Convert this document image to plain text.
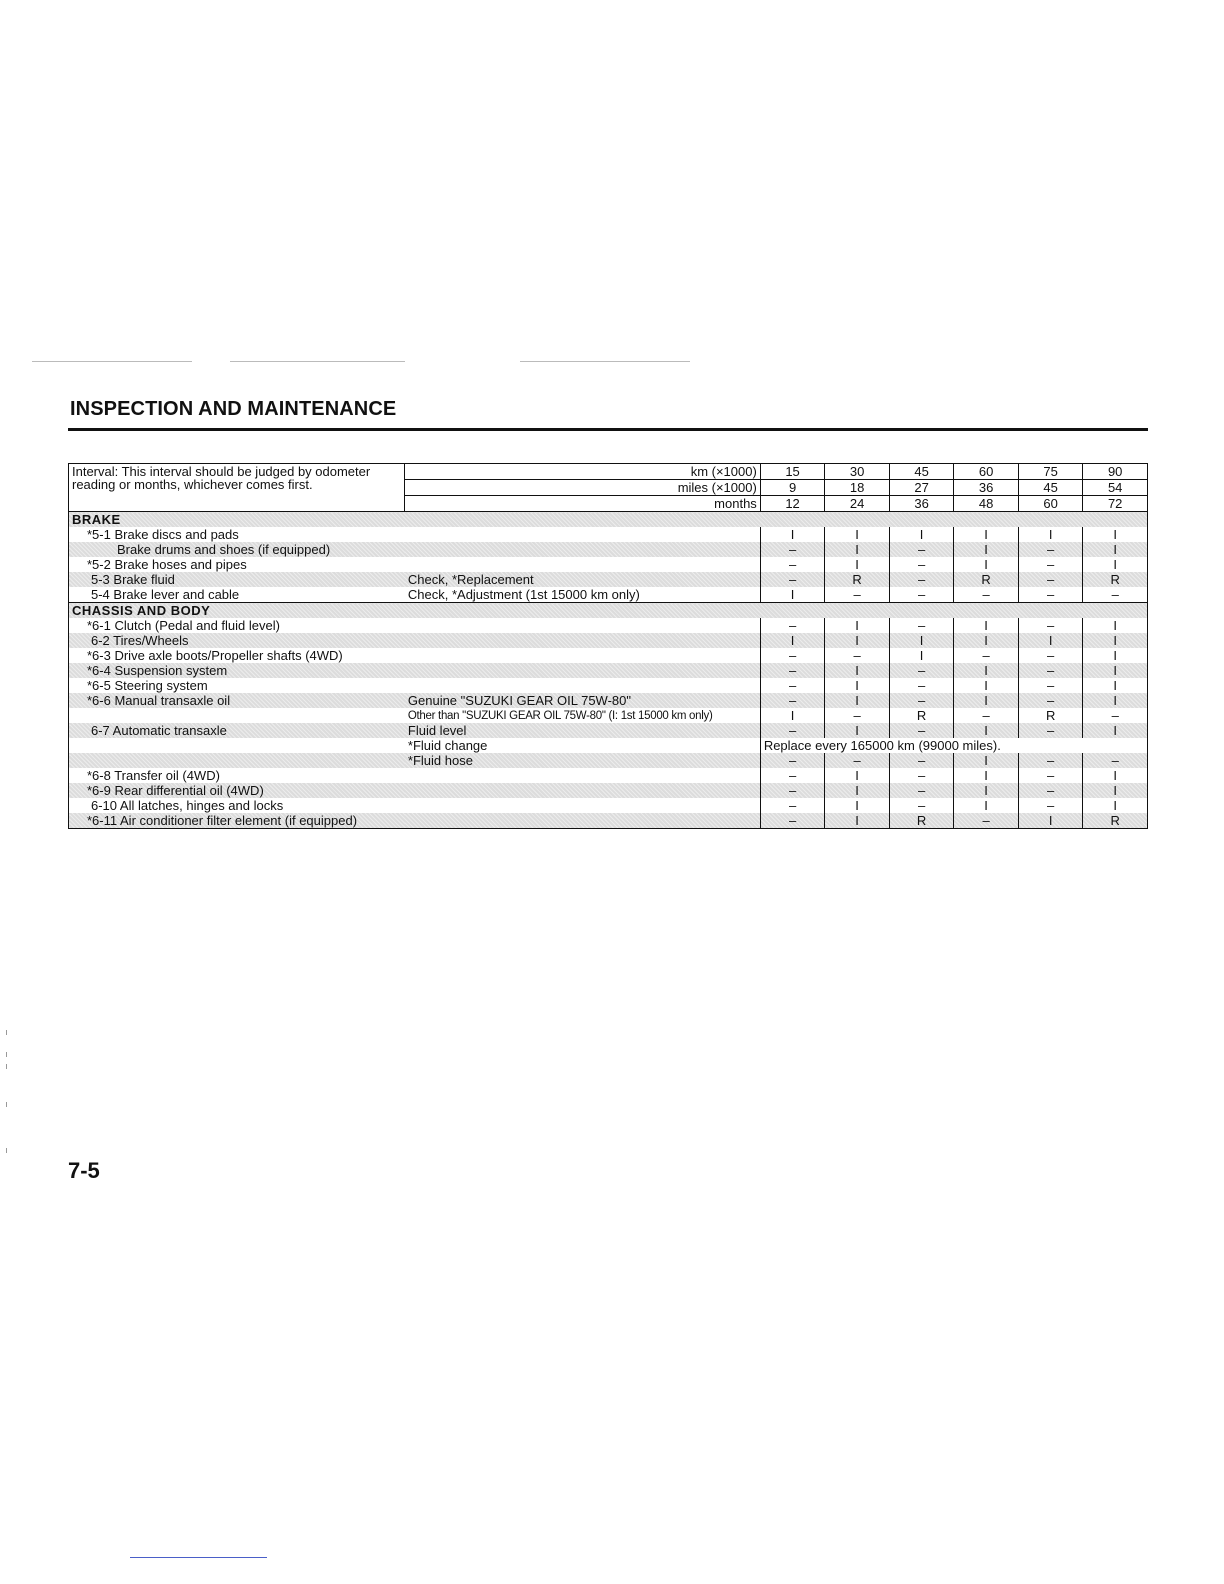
INSPECTION AND MAINTENANCE
Interval: This interval should be judged by odometer reading or months, whichever comes first.	km (×1000)	15	30	45	60	75	90
	miles (×1000)	9	18	27	36	45	54
	months	12	24	36	48	60	72
BRAKE							
*5-1 Brake discs and pads		I	I	I	I	I	I
Brake drums and shoes (if equipped)		–	I	–	I	–	I
*5-2 Brake hoses and pipes		–	I	–	I	–	I
5-3 Brake fluid	Check, *Replacement	–	R	–	R	–	R
5-4 Brake lever and cable	Check, *Adjustment (1st 15000 km only)	I	–	–	–	–	–
CHASSIS AND BODY							
*6-1 Clutch (Pedal and fluid level)		–	I	–	I	–	I
6-2 Tires/Wheels		I	I	I	I	I	I
*6-3 Drive axle boots/Propeller shafts (4WD)		–	–	I	–	–	I
*6-4 Suspension system		–	I	–	I	–	I
*6-5 Steering system		–	I	–	I	–	I
*6-6 Manual transaxle oil	Genuine "SUZUKI GEAR OIL 75W-80"	–	I	–	I	–	I
	Other than "SUZUKI GEAR OIL 75W-80" (I: 1st 15000 km only)	I	–	R	–	R	–
6-7 Automatic transaxle	Fluid level	–	I	–	I	–	I
	*Fluid change	Replace every 165000 km (99000 miles).					
	*Fluid hose	–	–	–	I	–	–
*6-8 Transfer oil (4WD)		–	I	–	I	–	I
*6-9 Rear differential oil (4WD)		–	I	–	I	–	I
6-10 All latches, hinges and locks		–	I	–	I	–	I
*6-11 Air conditioner filter element (if equipped)		–	I	R	–	I	R
7-5
